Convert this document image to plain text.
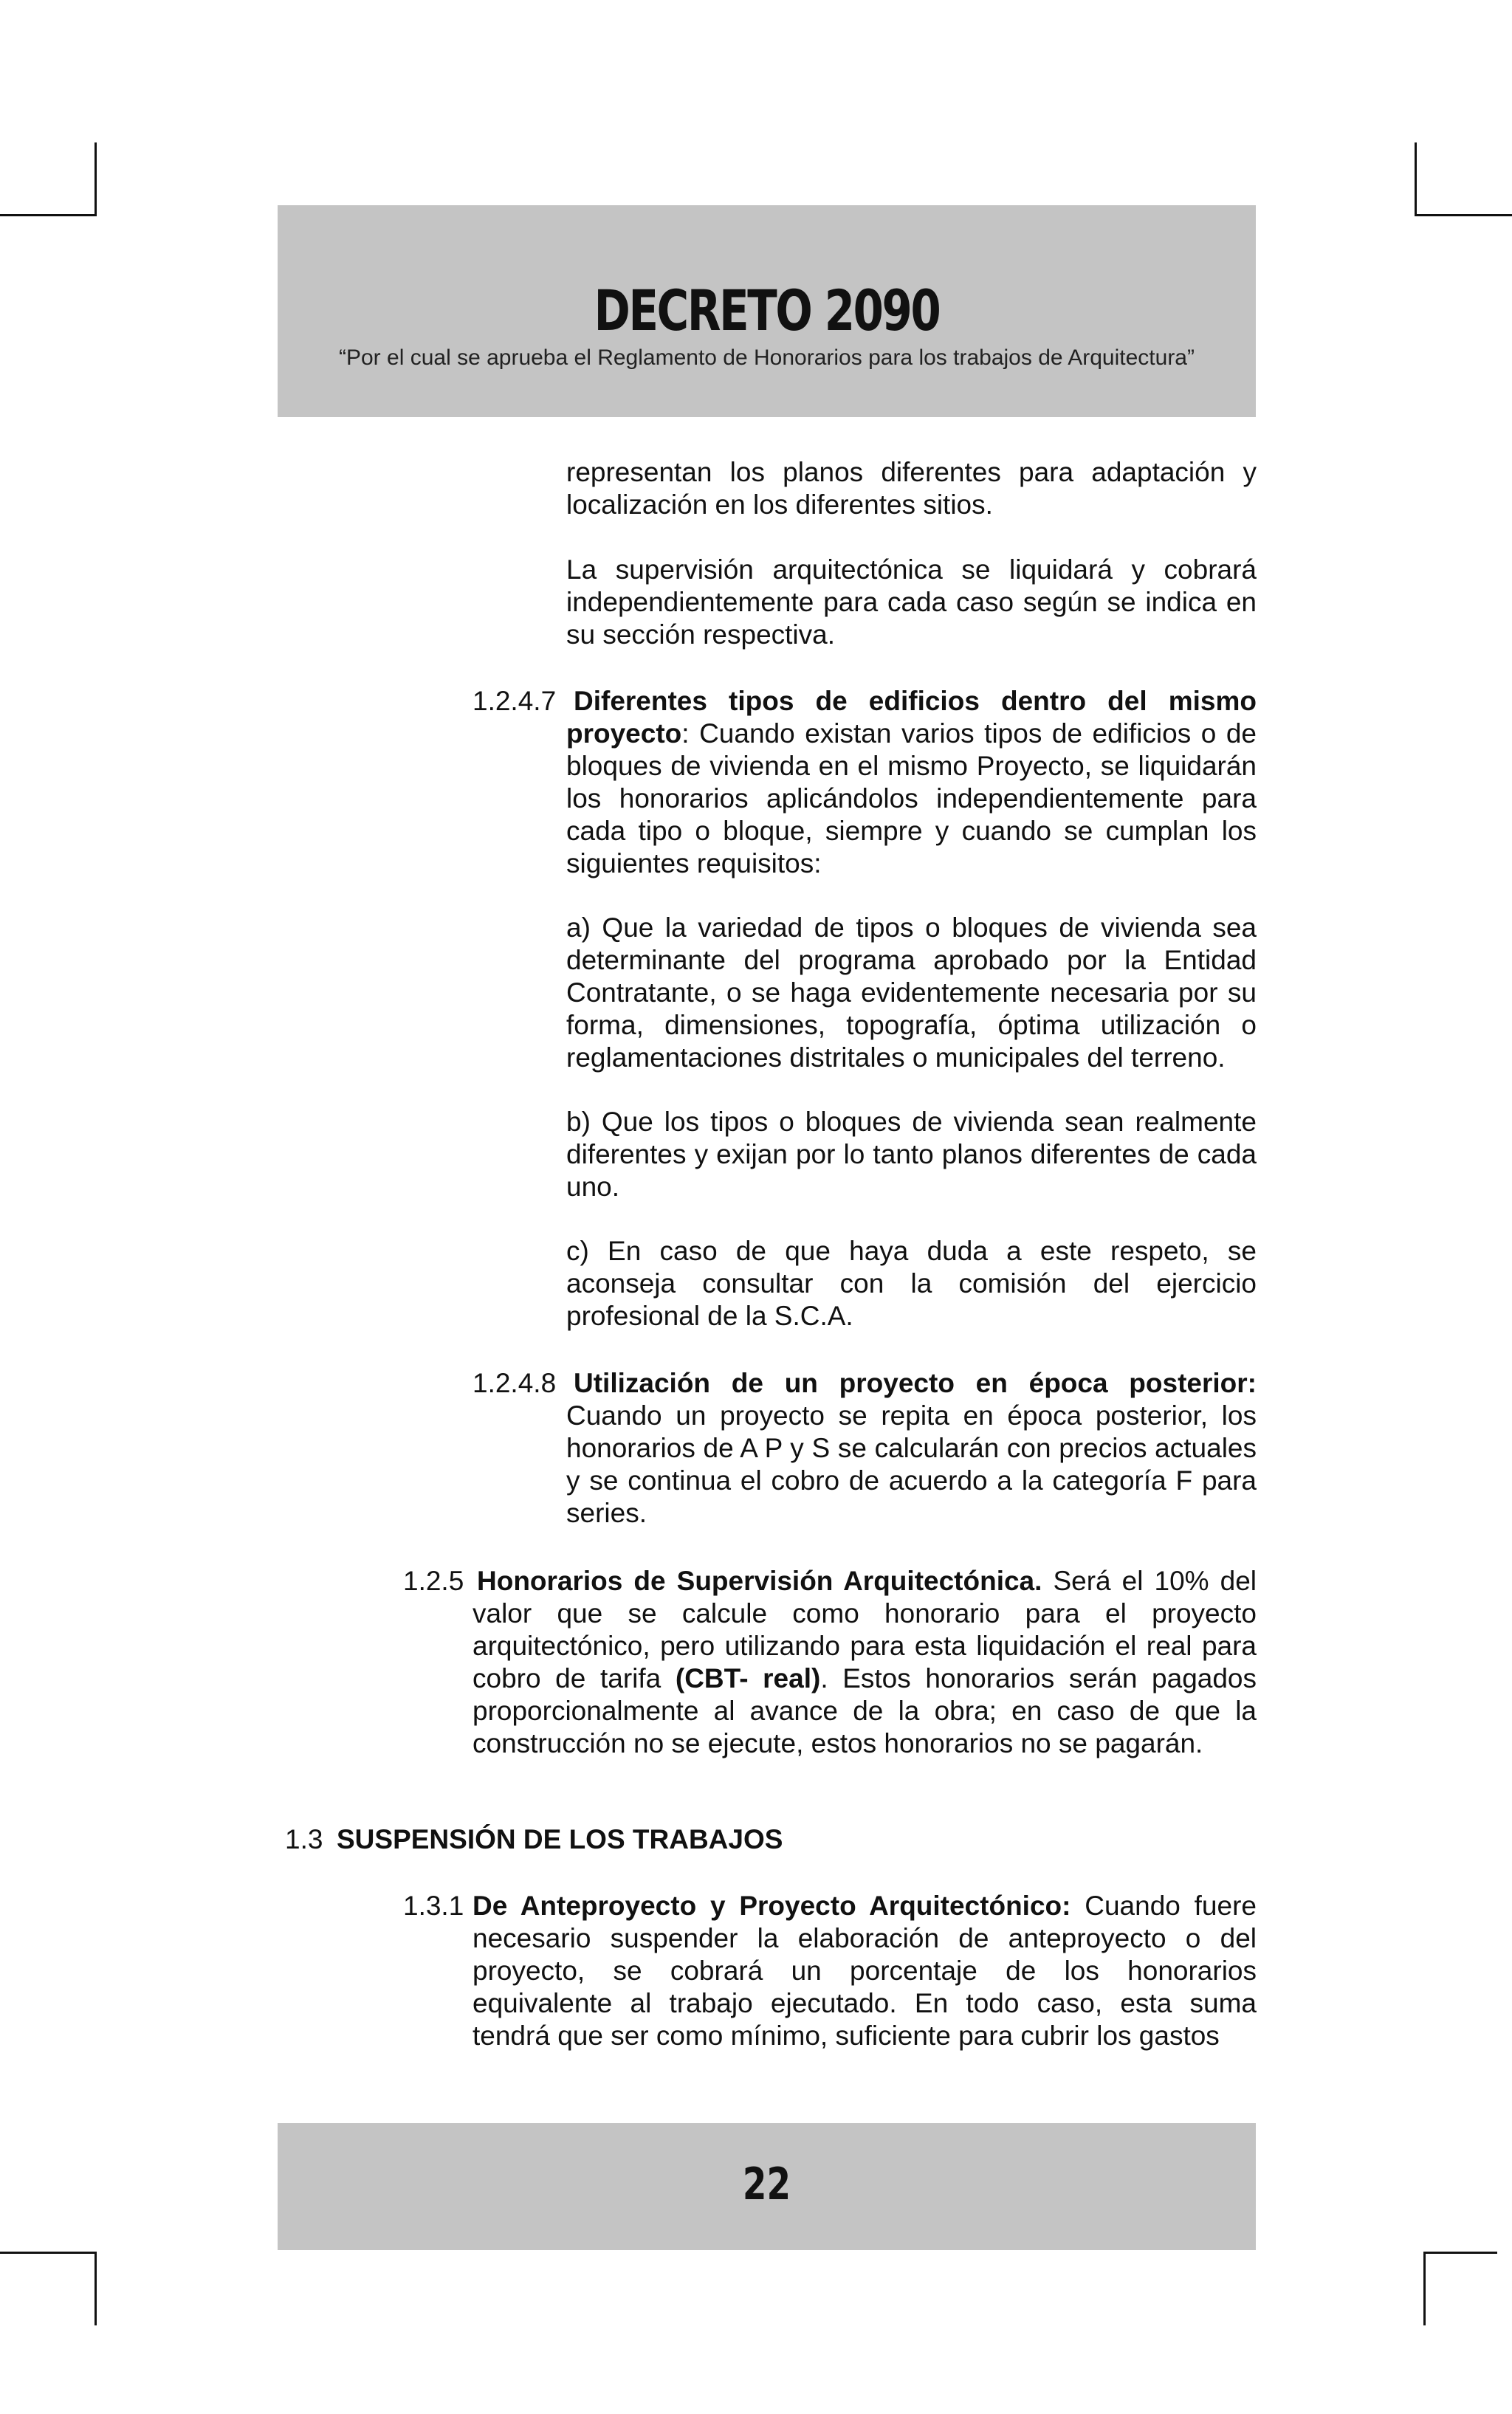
DECRETO 2090
“Por el cual se aprueba el Reglamento de Honorarios para los trabajos de Arquitectura”

representan los planos diferentes para adaptación y localización en los diferentes sitios.

La supervisión arquitectónica se liquidará y cobrará independientemente para cada caso según se indica en su sección respectiva.

1.2.4.7 Diferentes tipos de edificios dentro del mismo

proyecto: Cuando existan varios tipos de edificios o de bloques de vivienda en el mismo Proyecto, se liquidarán los honorarios aplicándolos independientemente para cada tipo o bloque, siempre y cuando se cumplan los siguientes requisitos:

a) Que la variedad de tipos o bloques de vivienda sea determinante del programa aprobado por la Entidad Contratante, o se haga evidentemente necesaria por su forma, dimensiones, topografía, óptima utilización o reglamentaciones distritales o municipales del terreno.

b) Que los tipos o bloques de vivienda sean realmente diferentes y exijan por lo tanto planos diferentes de cada uno.

c) En caso de que haya duda a este respeto, se aconseja consultar con la comisión del ejercicio profesional de la S.C.A.

1.2.4.8 Utilización de un proyecto en época posterior:

Cuando un proyecto se repita en época posterior, los honorarios de A P y S se calcularán con precios actuales y se continua el cobro de acuerdo a la categoría F para series.

1.2.5 Honorarios de Supervisión Arquitectónica. Será el 10% del valor que se calcule como honorario para el proyecto arquitectónico, pero utilizando para esta liquidación el real para cobro de tarifa (CBT- real). Estos honorarios serán pagados proporcionalmente al avance de la obra; en caso de que la construcción no se ejecute, estos honorarios no se pagarán.

1.3 SUSPENSIÓN DE LOS TRABAJOS
1.3.1 De Anteproyecto y Proyecto Arquitectónico: Cuando fuere necesario suspender la elaboración de anteproyecto o del proyecto, se cobrará un porcentaje de los honorarios equivalente al trabajo ejecutado. En todo caso, esta suma tendrá que ser como mínimo, suficiente para cubrir los gastos

22
